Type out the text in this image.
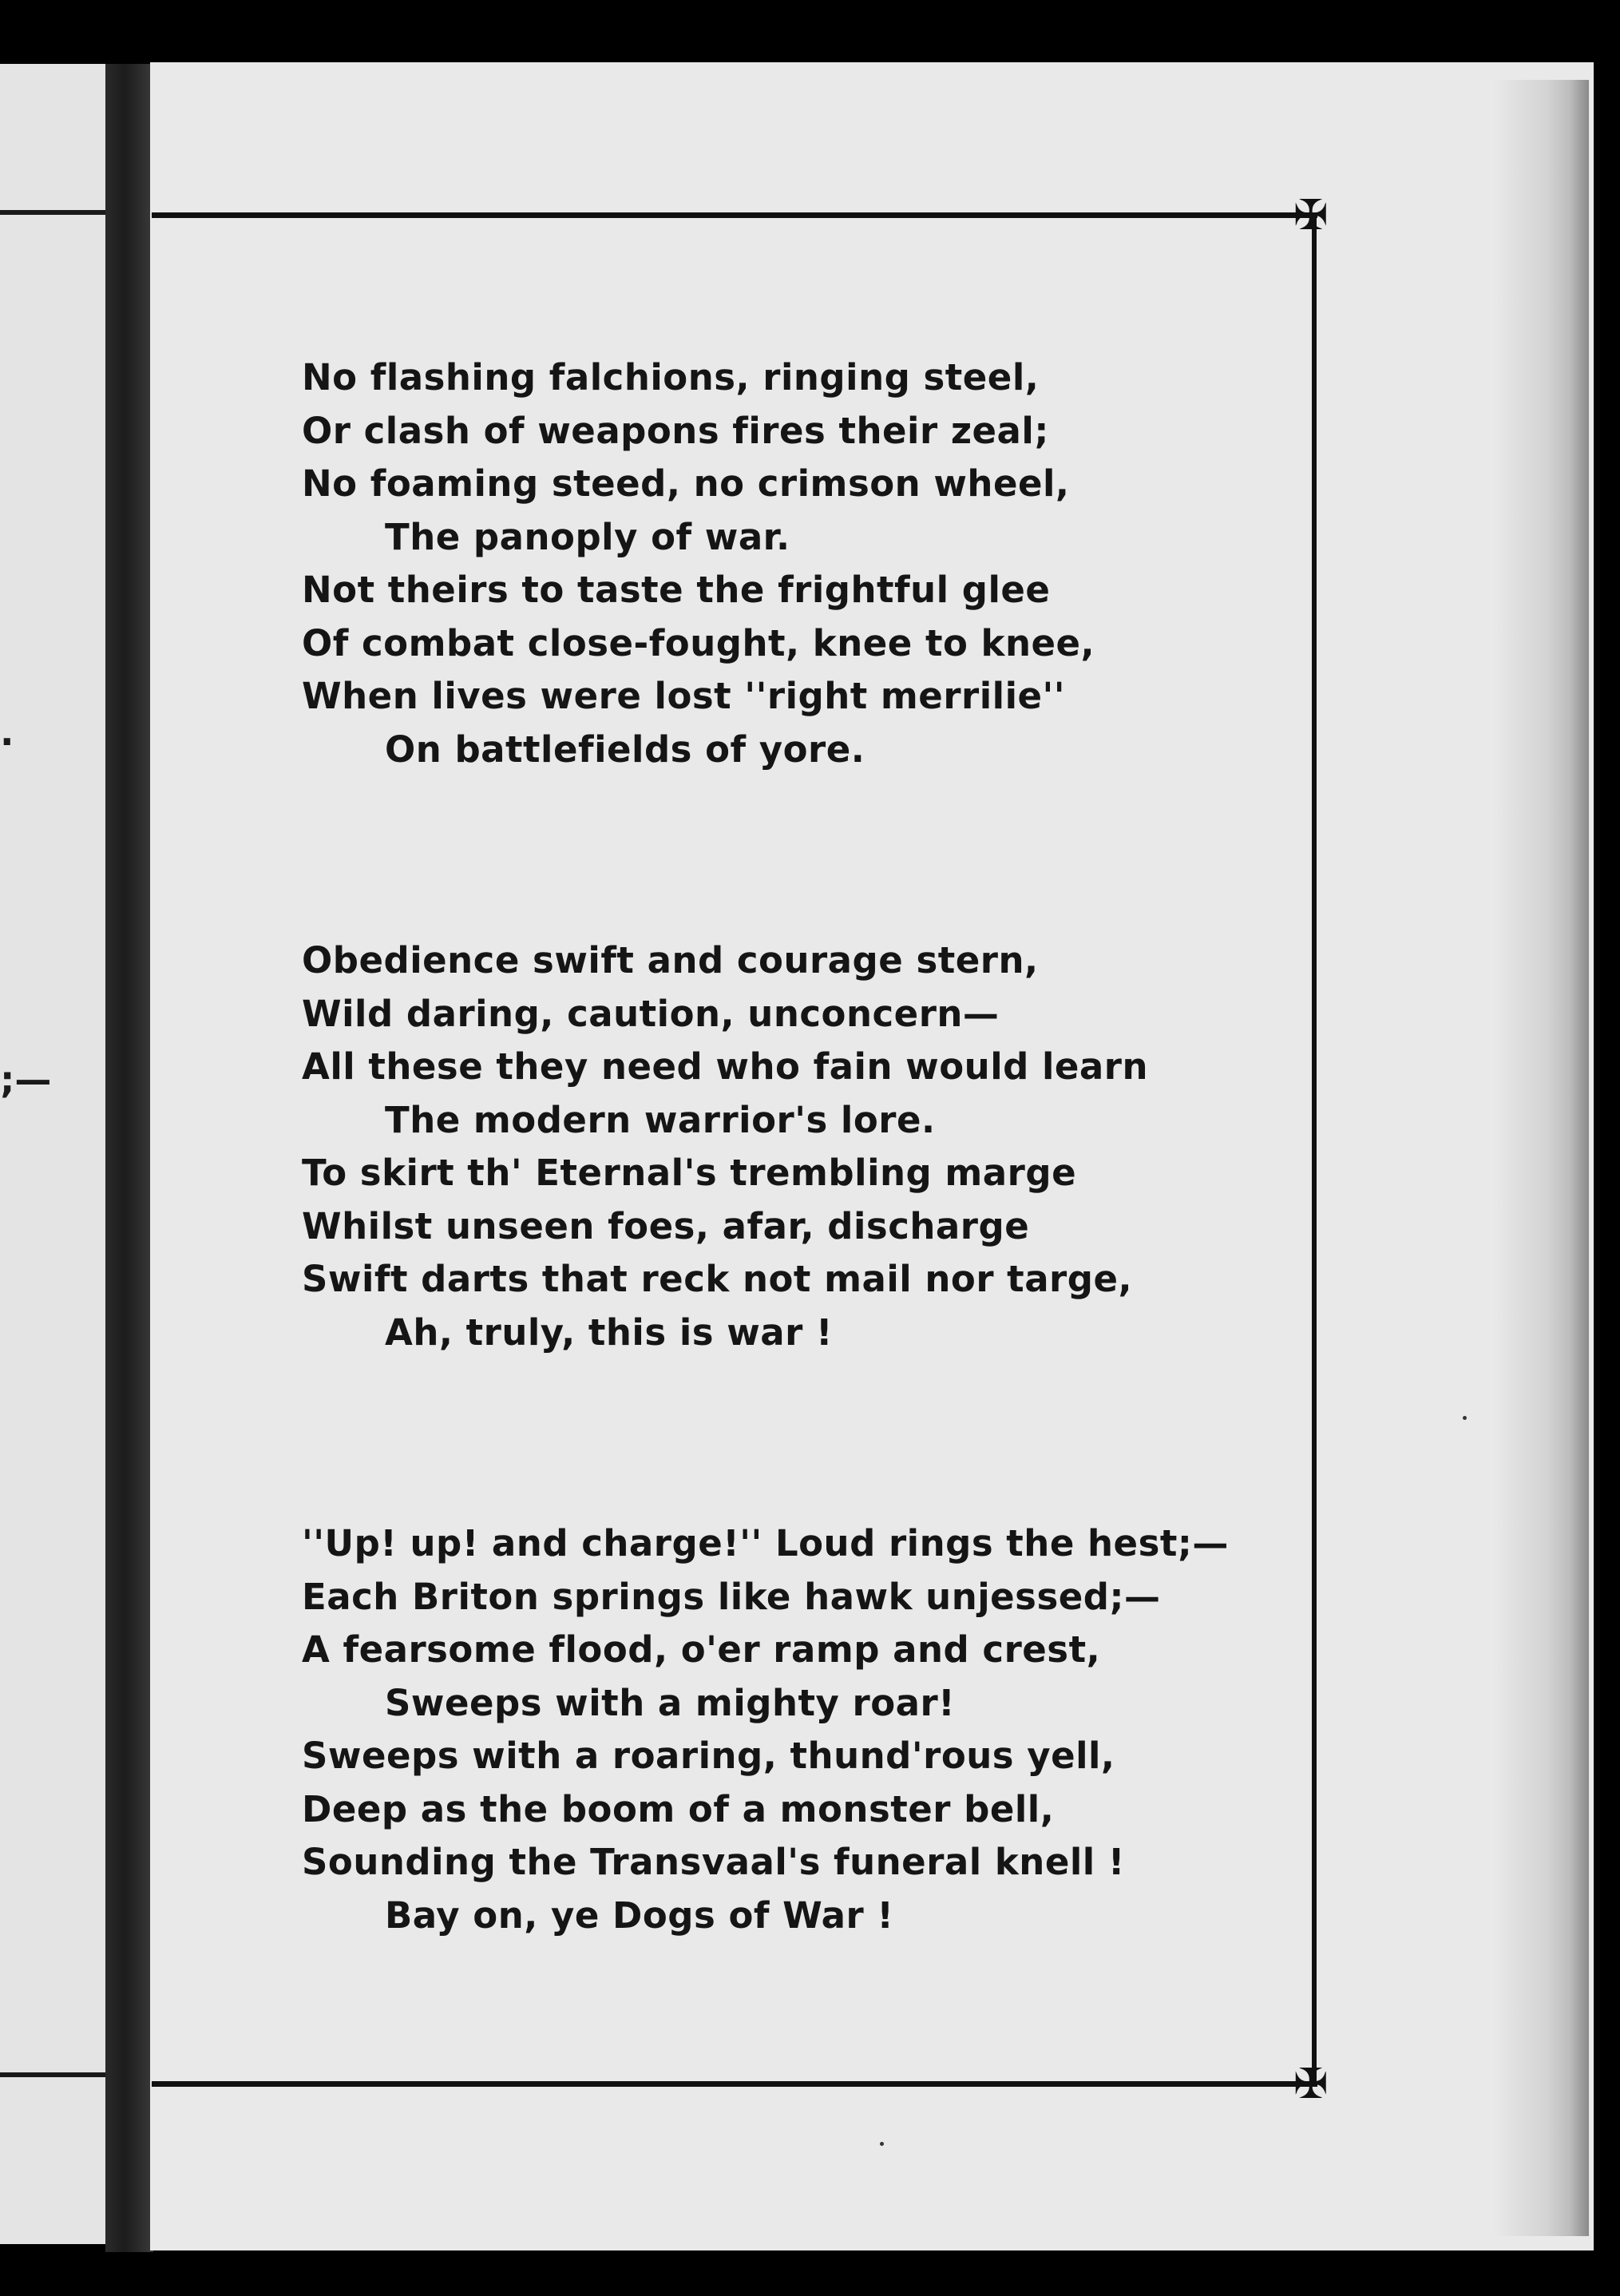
.
;—
✠
✠
No flashing falchions, ringing steel,
Or clash of weapons fires their zeal;
No foaming steed, no crimson wheel,
The panoply of war.
Not theirs to taste the frightful glee
Of combat close-fought, knee to knee,
When lives were lost ''right merrilie''
On battlefields of yore.
Obedience swift and courage stern,
Wild daring, caution, unconcern—
All these they need who fain would learn
The modern warrior's lore.
To skirt th' Eternal's trembling marge
Whilst unseen foes, afar, discharge
Swift darts that reck not mail nor targe,
Ah, truly, this is war !
''Up! up! and charge!'' Loud rings the hest;—
Each Briton springs like hawk unjessed;—
A fearsome flood, o'er ramp and crest,
Sweeps with a mighty roar!
Sweeps with a roaring, thund'rous yell,
Deep as the boom of a monster bell,
Sounding the Transvaal's funeral knell !
Bay on, ye Dogs of War !
